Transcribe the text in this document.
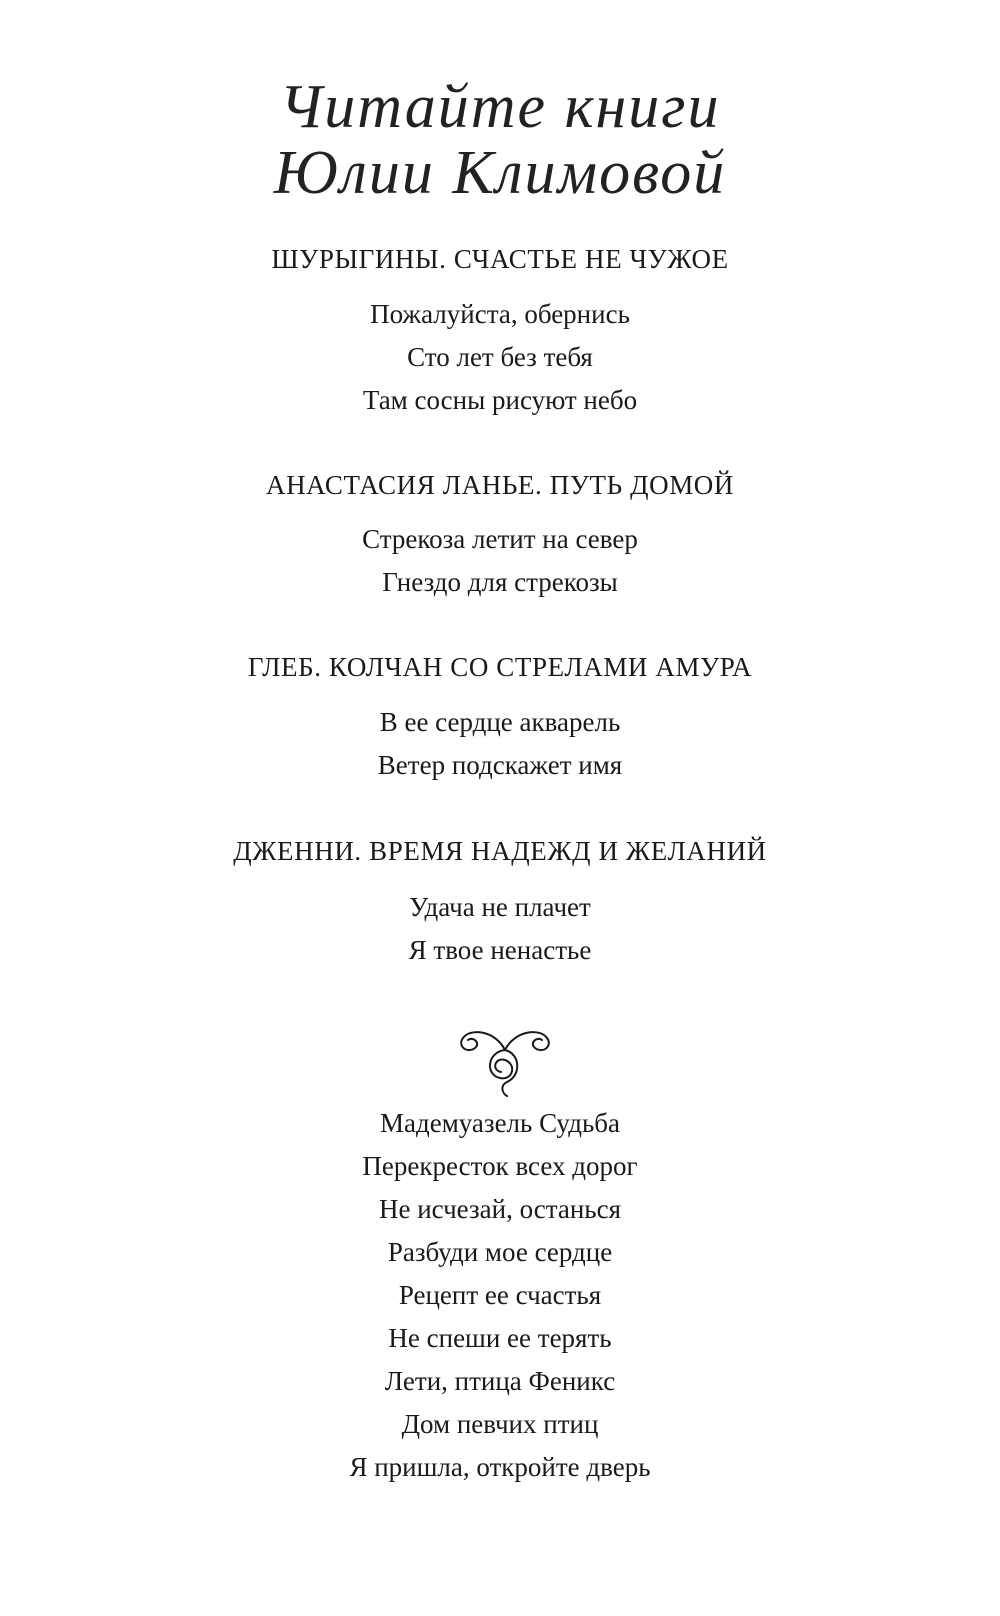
Читайте книги
Юлии Климовой
ШУРЫГИНЫ. СЧАСТЬЕ НЕ ЧУЖОЕ
Пожалуйста, обернись
Сто лет без тебя
Там сосны рисуют небо
АНАСТАСИЯ ЛАНЬЕ. ПУТЬ ДОМОЙ
Стрекоза летит на север
Гнездо для стрекозы
ГЛЕБ. КОЛЧАН СО СТРЕЛАМИ АМУРА
В ее сердце акварель
Ветер подскажет имя
ДЖЕННИ. ВРЕМЯ НАДЕЖД И ЖЕЛАНИЙ
Удача не плачет
Я твое ненастье
Мадемуазель Судьба
Перекресток всех дорог
Не исчезай, останься
Разбуди мое сердце
Рецепт ее счастья
Не спеши ее терять
Лети, птица Феникс
Дом певчих птиц
Я пришла, откройте дверь
